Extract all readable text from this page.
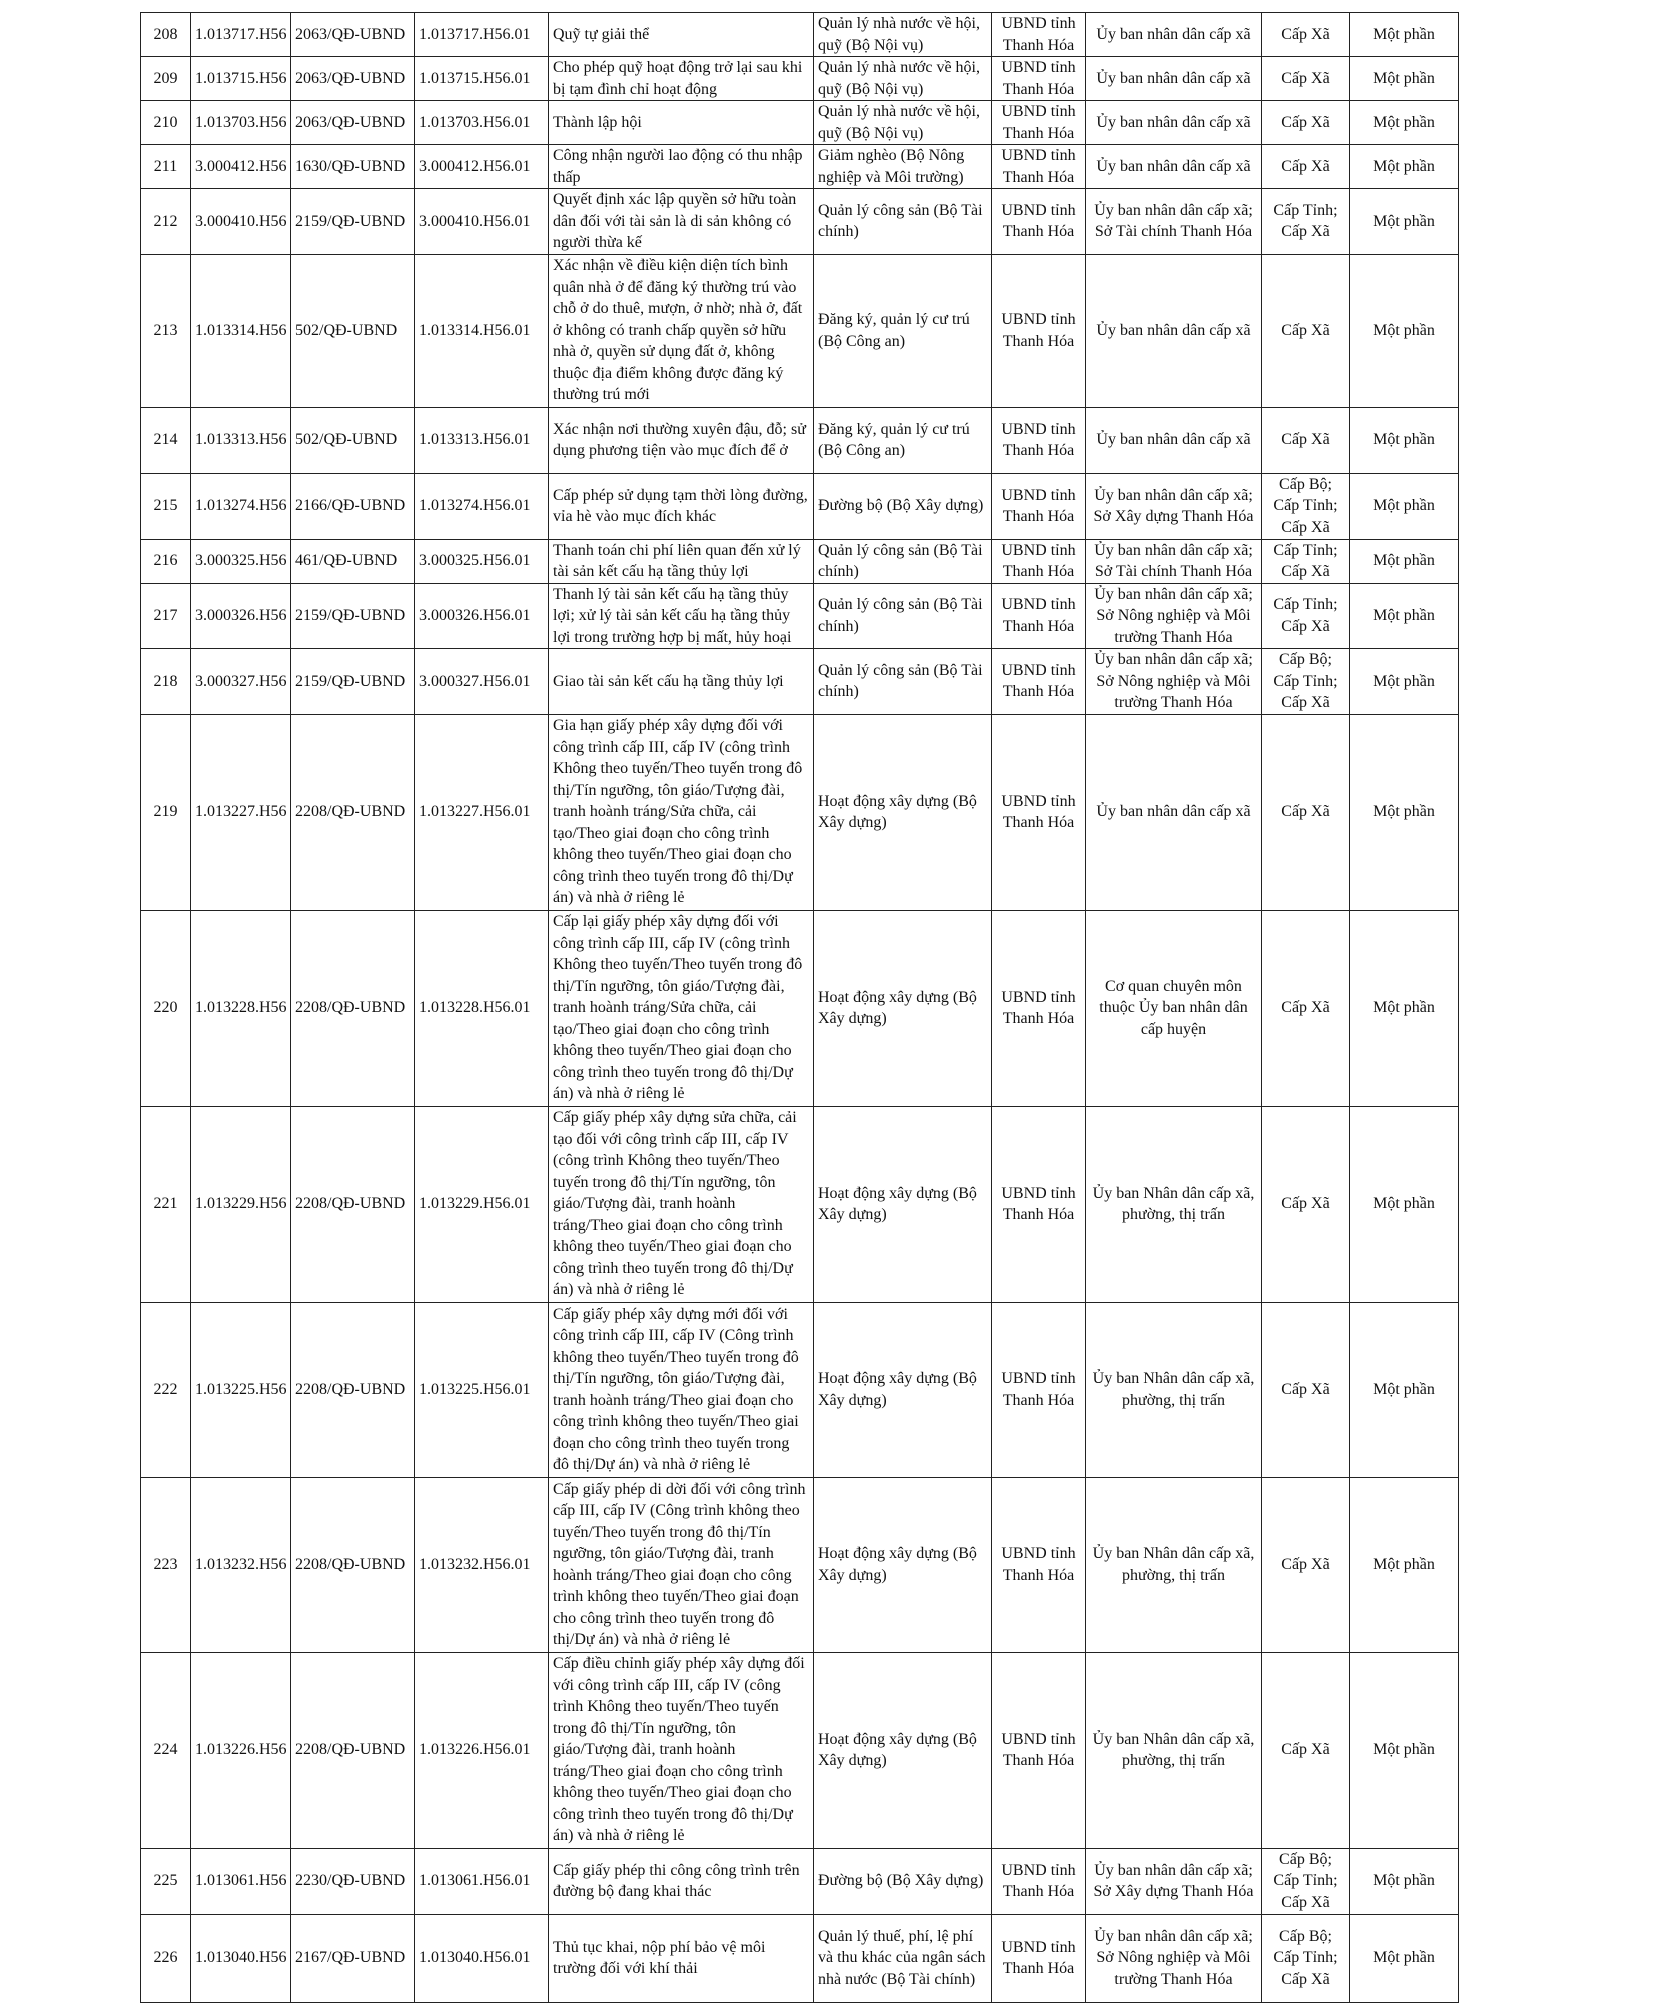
208	1.013717.H56	2063/QĐ-UBND	1.013717.H56.01	Quỹ tự giải thể	Quản lý nhà nước về hội, quỹ (Bộ Nội vụ)	UBND tỉnh Thanh Hóa	Ủy ban nhân dân cấp xã	Cấp Xã	Một phần
209	1.013715.H56	2063/QĐ-UBND	1.013715.H56.01	Cho phép quỹ hoạt động trở lại sau khi bị tạm đình chỉ hoạt động	Quản lý nhà nước về hội, quỹ (Bộ Nội vụ)	UBND tỉnh Thanh Hóa	Ủy ban nhân dân cấp xã	Cấp Xã	Một phần
210	1.013703.H56	2063/QĐ-UBND	1.013703.H56.01	Thành lập hội	Quản lý nhà nước về hội, quỹ (Bộ Nội vụ)	UBND tỉnh Thanh Hóa	Ủy ban nhân dân cấp xã	Cấp Xã	Một phần
211	3.000412.H56	1630/QĐ-UBND	3.000412.H56.01	Công nhận người lao động có thu nhập thấp	Giảm nghèo (Bộ Nông nghiệp và Môi trường)	UBND tỉnh Thanh Hóa	Ủy ban nhân dân cấp xã	Cấp Xã	Một phần
212	3.000410.H56	2159/QĐ-UBND	3.000410.H56.01	Quyết định xác lập quyền sở hữu toàn dân đối với tài sản là di sản không có người thừa kế	Quản lý công sản (Bộ Tài chính)	UBND tỉnh Thanh Hóa	Ủy ban nhân dân cấp xã; Sở Tài chính Thanh Hóa	Cấp Tỉnh; Cấp Xã	Một phần
213	1.013314.H56	502/QĐ-UBND	1.013314.H56.01	Xác nhận về điều kiện diện tích bình quân nhà ở để đăng ký thường trú vào chỗ ở do thuê, mượn, ở nhờ; nhà ở, đất ở không có tranh chấp quyền sở hữu nhà ở, quyền sử dụng đất ở, không thuộc địa điểm không được đăng ký thường trú mới	Đăng ký, quản lý cư trú (Bộ Công an)	UBND tỉnh Thanh Hóa	Ủy ban nhân dân cấp xã	Cấp Xã	Một phần
214	1.013313.H56	502/QĐ-UBND	1.013313.H56.01	Xác nhận nơi thường xuyên đậu, đỗ; sử dụng phương tiện vào mục đích để ở	Đăng ký, quản lý cư trú (Bộ Công an)	UBND tỉnh Thanh Hóa	Ủy ban nhân dân cấp xã	Cấp Xã	Một phần
215	1.013274.H56	2166/QĐ-UBND	1.013274.H56.01	Cấp phép sử dụng tạm thời lòng đường, vỉa hè vào mục đích khác	Đường bộ (Bộ Xây dựng)	UBND tỉnh Thanh Hóa	Ủy ban nhân dân cấp xã; Sở Xây dựng Thanh Hóa	Cấp Bộ; Cấp Tỉnh; Cấp Xã	Một phần
216	3.000325.H56	461/QĐ-UBND	3.000325.H56.01	Thanh toán chi phí liên quan đến xử lý tài sản kết cấu hạ tầng thủy lợi	Quản lý công sản (Bộ Tài chính)	UBND tỉnh Thanh Hóa	Ủy ban nhân dân cấp xã; Sở Tài chính Thanh Hóa	Cấp Tỉnh; Cấp Xã	Một phần
217	3.000326.H56	2159/QĐ-UBND	3.000326.H56.01	Thanh lý tài sản kết cấu hạ tầng thủy lợi; xử lý tài sản kết cấu hạ tầng thủy lợi trong trường hợp bị mất, hủy hoại	Quản lý công sản (Bộ Tài chính)	UBND tỉnh Thanh Hóa	Ủy ban nhân dân cấp xã; Sở Nông nghiệp và Môi trường Thanh Hóa	Cấp Tỉnh; Cấp Xã	Một phần
218	3.000327.H56	2159/QĐ-UBND	3.000327.H56.01	Giao tài sản kết cấu hạ tầng thủy lợi	Quản lý công sản (Bộ Tài chính)	UBND tỉnh Thanh Hóa	Ủy ban nhân dân cấp xã; Sở Nông nghiệp và Môi trường Thanh Hóa	Cấp Bộ; Cấp Tỉnh; Cấp Xã	Một phần
219	1.013227.H56	2208/QĐ-UBND	1.013227.H56.01	Gia hạn giấy phép xây dựng đối với công trình cấp III, cấp IV (công trình Không theo tuyến/Theo tuyến trong đô thị/Tín ngưỡng, tôn giáo/Tượng đài, tranh hoành tráng/Sửa chữa, cải tạo/Theo giai đoạn cho công trình không theo tuyến/Theo giai đoạn cho công trình theo tuyến trong đô thị/Dự án) và nhà ở riêng lẻ	Hoạt động xây dựng (Bộ Xây dựng)	UBND tỉnh Thanh Hóa	Ủy ban nhân dân cấp xã	Cấp Xã	Một phần
220	1.013228.H56	2208/QĐ-UBND	1.013228.H56.01	Cấp lại giấy phép xây dựng đối với công trình cấp III, cấp IV (công trình Không theo tuyến/Theo tuyến trong đô thị/Tín ngưỡng, tôn giáo/Tượng đài, tranh hoành tráng/Sửa chữa, cải tạo/Theo giai đoạn cho công trình không theo tuyến/Theo giai đoạn cho công trình theo tuyến trong đô thị/Dự án) và nhà ở riêng lẻ	Hoạt động xây dựng (Bộ Xây dựng)	UBND tỉnh Thanh Hóa	Cơ quan chuyên môn thuộc Ủy ban nhân dân cấp huyện	Cấp Xã	Một phần
221	1.013229.H56	2208/QĐ-UBND	1.013229.H56.01	Cấp giấy phép xây dựng sửa chữa, cải tạo đối với công trình cấp III, cấp IV (công trình Không theo tuyến/Theo tuyến trong đô thị/Tín ngưỡng, tôn giáo/Tượng đài, tranh hoành tráng/Theo giai đoạn cho công trình không theo tuyến/Theo giai đoạn cho công trình theo tuyến trong đô thị/Dự án) và nhà ở riêng lẻ	Hoạt động xây dựng (Bộ Xây dựng)	UBND tỉnh Thanh Hóa	Ủy ban Nhân dân cấp xã, phường, thị trấn	Cấp Xã	Một phần
222	1.013225.H56	2208/QĐ-UBND	1.013225.H56.01	Cấp giấy phép xây dựng mới đối với công trình cấp III, cấp IV (Công trình không theo tuyến/Theo tuyến trong đô thị/Tín ngưỡng, tôn giáo/Tượng đài, tranh hoành tráng/Theo giai đoạn cho công trình không theo tuyến/Theo giai đoạn cho công trình theo tuyến trong đô thị/Dự án) và nhà ở riêng lẻ	Hoạt động xây dựng (Bộ Xây dựng)	UBND tỉnh Thanh Hóa	Ủy ban Nhân dân cấp xã, phường, thị trấn	Cấp Xã	Một phần
223	1.013232.H56	2208/QĐ-UBND	1.013232.H56.01	Cấp giấy phép di dời đối với công trình cấp III, cấp IV (Công trình không theo tuyến/Theo tuyến trong đô thị/Tín ngưỡng, tôn giáo/Tượng đài, tranh hoành tráng/Theo giai đoạn cho công trình không theo tuyến/Theo giai đoạn cho công trình theo tuyến trong đô thị/Dự án) và nhà ở riêng lẻ	Hoạt động xây dựng (Bộ Xây dựng)	UBND tỉnh Thanh Hóa	Ủy ban Nhân dân cấp xã, phường, thị trấn	Cấp Xã	Một phần
224	1.013226.H56	2208/QĐ-UBND	1.013226.H56.01	Cấp điều chỉnh giấy phép xây dựng đối với công trình cấp III, cấp IV (công trình Không theo tuyến/Theo tuyến trong đô thị/Tín ngưỡng, tôn giáo/Tượng đài, tranh hoành tráng/Theo giai đoạn cho công trình không theo tuyến/Theo giai đoạn cho công trình theo tuyến trong đô thị/Dự án) và nhà ở riêng lẻ	Hoạt động xây dựng (Bộ Xây dựng)	UBND tỉnh Thanh Hóa	Ủy ban Nhân dân cấp xã, phường, thị trấn	Cấp Xã	Một phần
225	1.013061.H56	2230/QĐ-UBND	1.013061.H56.01	Cấp giấy phép thi công công trình trên đường bộ đang khai thác	Đường bộ (Bộ Xây dựng)	UBND tỉnh Thanh Hóa	Ủy ban nhân dân cấp xã; Sở Xây dựng Thanh Hóa	Cấp Bộ; Cấp Tỉnh; Cấp Xã	Một phần
226	1.013040.H56	2167/QĐ-UBND	1.013040.H56.01	Thủ tục khai, nộp phí bảo vệ môi trường đối với khí thải	Quản lý thuế, phí, lệ phí và thu khác của ngân sách nhà nước (Bộ Tài chính)	UBND tỉnh Thanh Hóa	Ủy ban nhân dân cấp xã; Sở Nông nghiệp và Môi trường Thanh Hóa	Cấp Bộ; Cấp Tỉnh; Cấp Xã	Một phần
